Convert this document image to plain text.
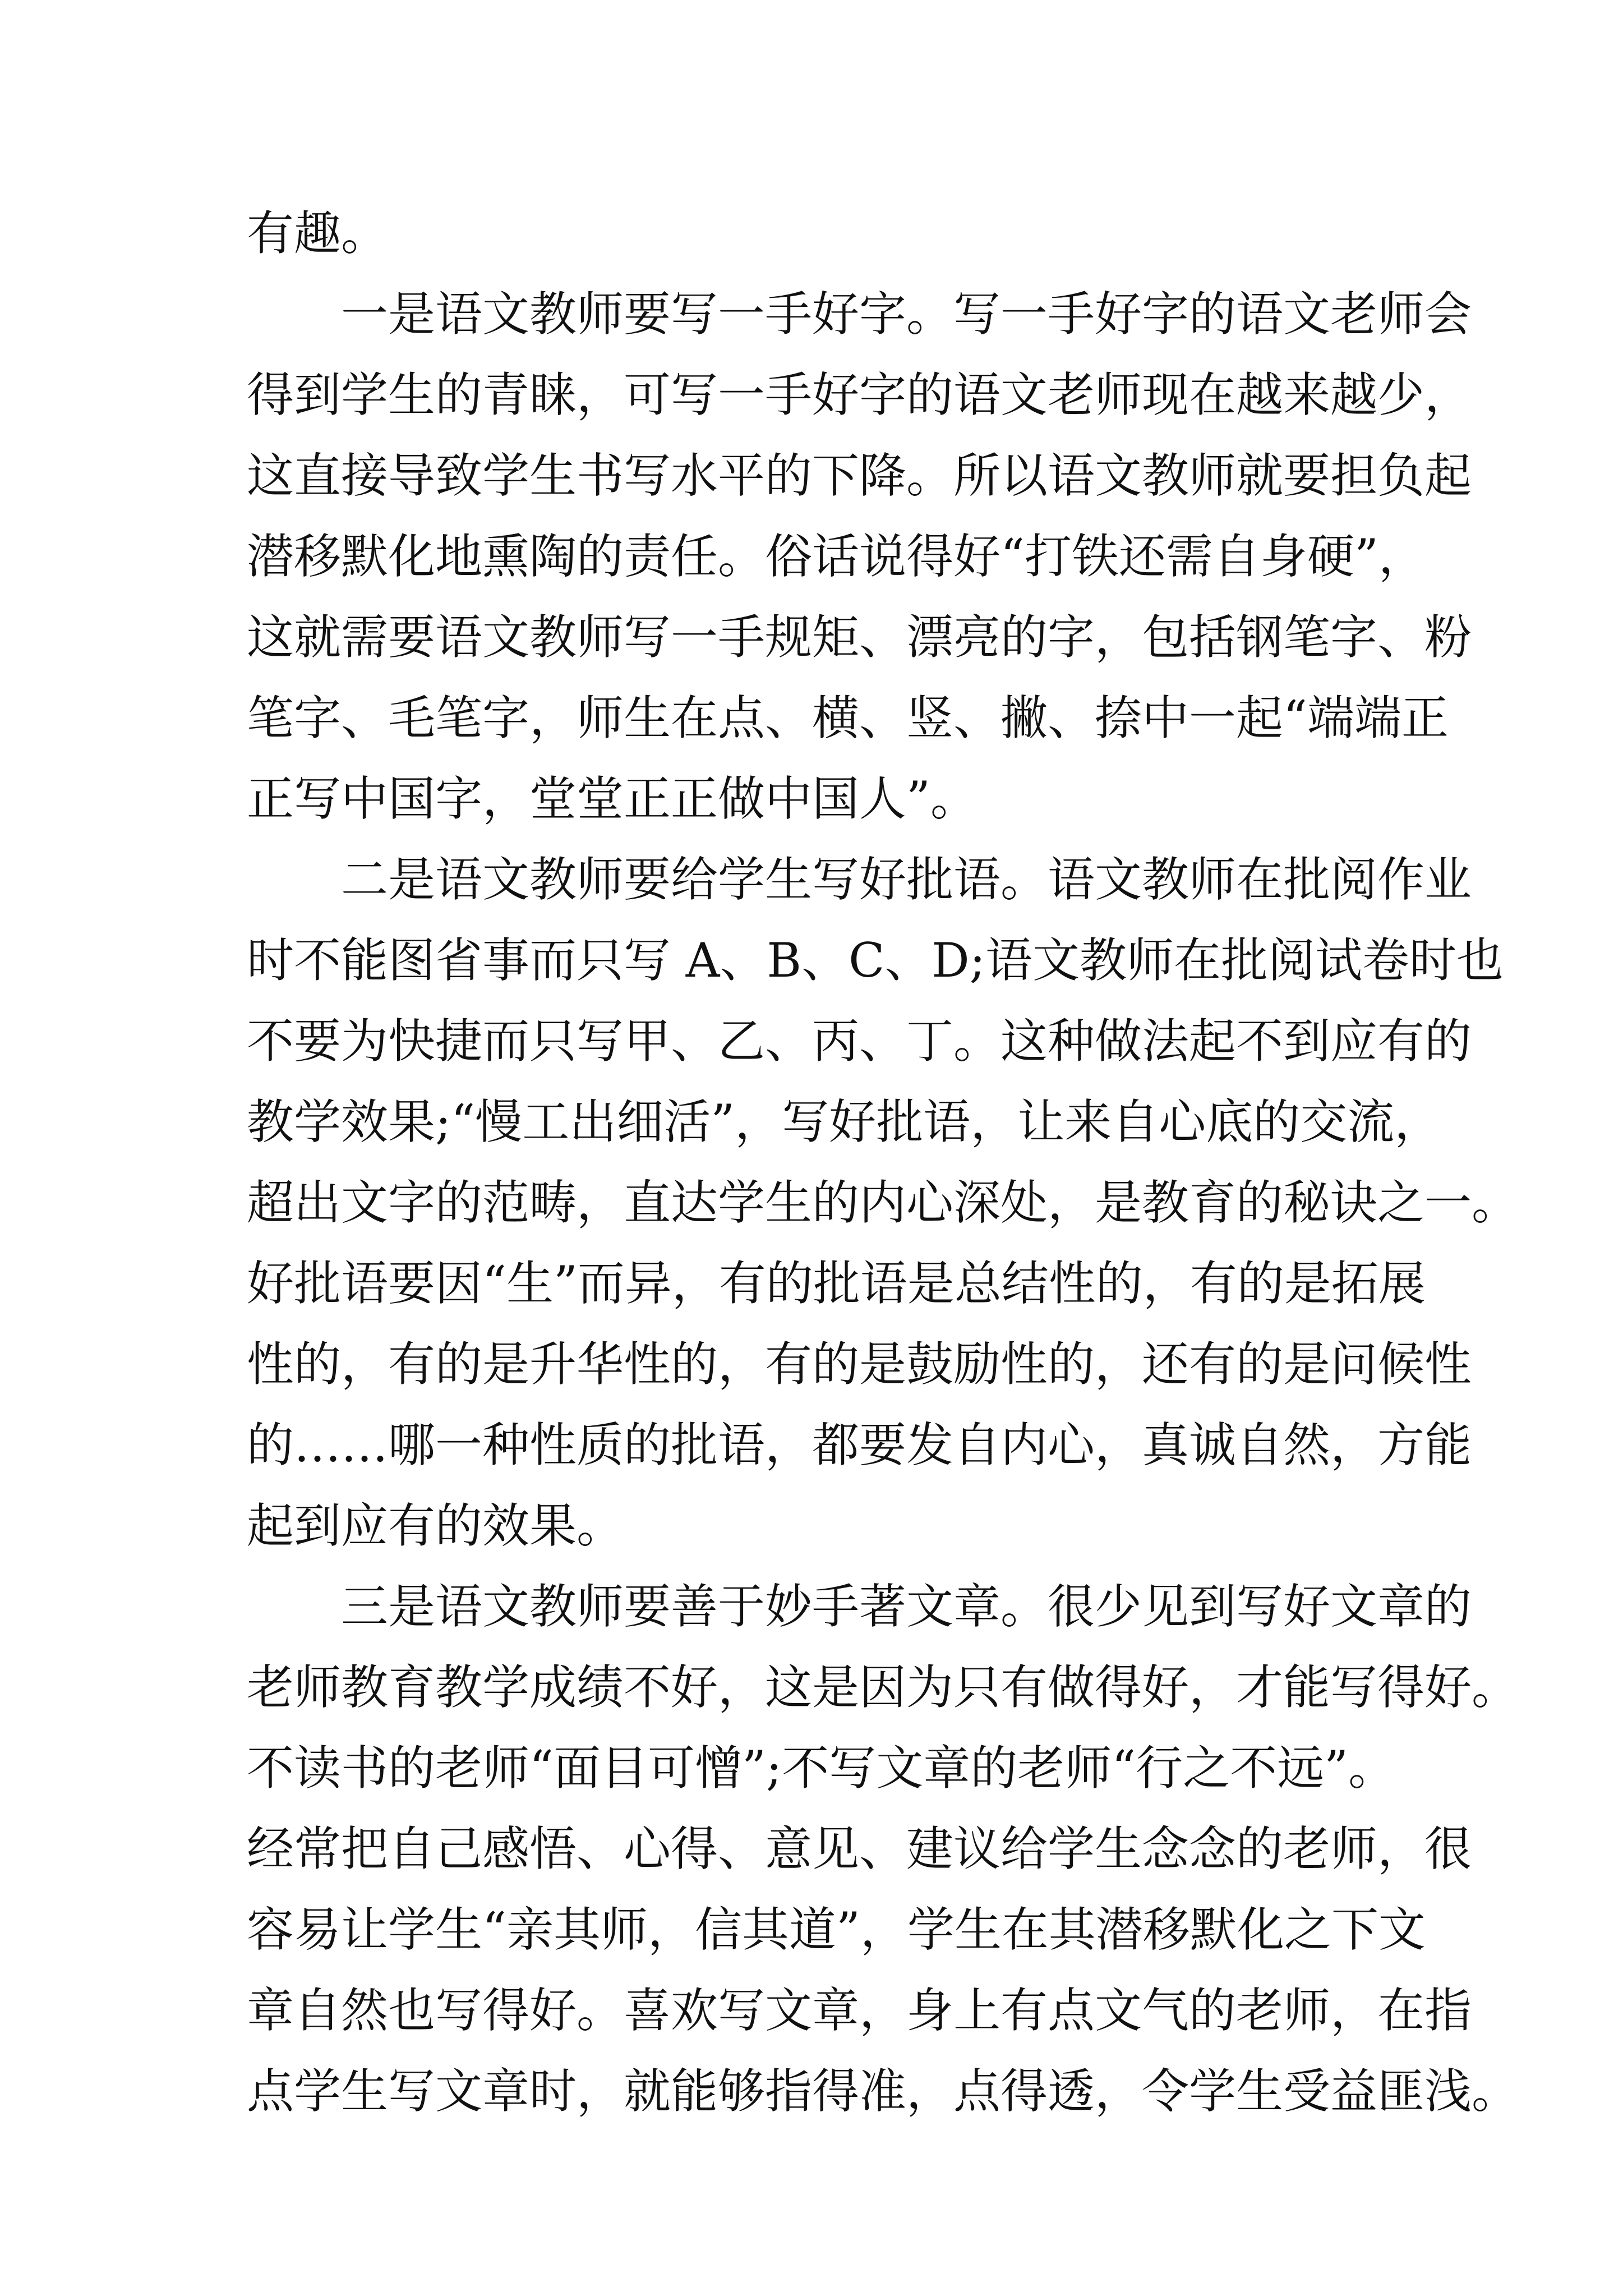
有趣。
一是语文教师要写一手好字。写一手好字的语文老师会
得到学生的青睐，可写一手好字的语文老师现在越来越少，
这直接导致学生书写水平的下降。所以语文教师就要担负起
潜移默化地熏陶的责任。俗话说得好“打铁还需自身硬”，
这就需要语文教师写一手规矩、漂亮的字，包括钢笔字、粉
笔字、毛笔字，师生在点、横、竖、撇、捺中一起“端端正
正写中国字，堂堂正正做中国人”。
二是语文教师要给学生写好批语。语文教师在批阅作业
时不能图省事而只写 A、B、C、D;语文教师在批阅试卷时也
不要为快捷而只写甲、乙、丙、丁。这种做法起不到应有的
教学效果;“慢工出细活”，写好批语，让来自心底的交流，
超出文字的范畴，直达学生的内心深处，是教育的秘诀之一。
好批语要因“生”而异，有的批语是总结性的，有的是拓展
性的，有的是升华性的，有的是鼓励性的，还有的是问候性
的……哪一种性质的批语，都要发自内心，真诚自然，方能
起到应有的效果。
三是语文教师要善于妙手著文章。很少见到写好文章的
老师教育教学成绩不好，这是因为只有做得好，才能写得好。
不读书的老师“面目可憎”;不写文章的老师“行之不远”。
经常把自己感悟、心得、意见、建议给学生念念的老师，很
容易让学生“亲其师，信其道”，学生在其潜移默化之下文
章自然也写得好。喜欢写文章，身上有点文气的老师，在指
点学生写文章时，就能够指得准，点得透，令学生受益匪浅。
